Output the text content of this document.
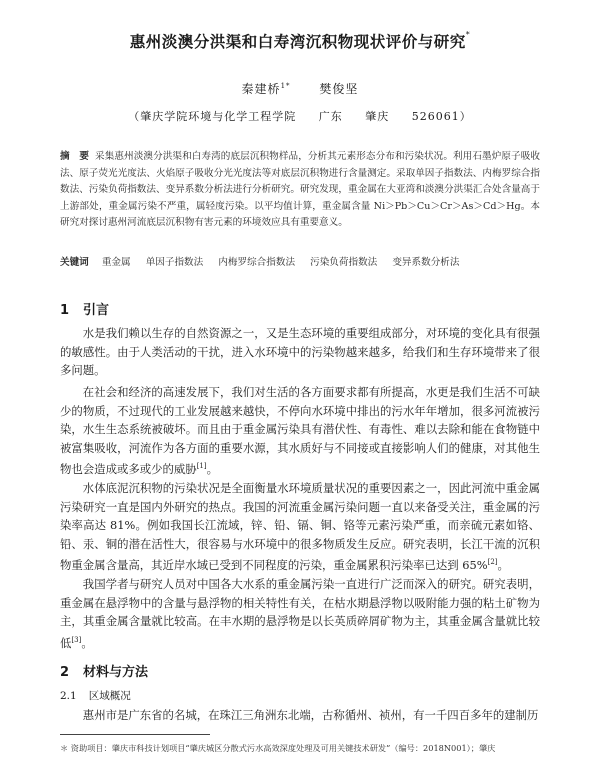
惠州淡澳分洪渠和白寿湾沉积物现状评价与研究*
秦建桥$^{1*}$ 樊俊坚
（肇庆学院环境与化学工程学院 广东 肇庆 526061）
摘　要 采集惠州淡澳分洪渠和白寿湾的底层沉积物样品，分析其元素形态分布和污染状况。利用石墨炉原子吸收法、原子荧光光度法、火焰原子吸收分光光度法等对底层沉积物进行含量测定。采取单因子指数法、内梅罗综合指数法、污染负荷指数法、变异系数分析法进行分析研究。研究发现，重金属在大亚湾和淡澳分洪渠汇合处含量高于上游部处，重金属污染不严重，属轻度污染。以平均值计算，重金属含量 Ni＞Pb＞Cu＞Cr＞As＞Cd＞Hg。本研究对探讨惠州河流底层沉积物有害元素的环境效应具有重要意义。
关键词 重金属 单因子指数法 内梅罗综合指数法 污染负荷指数法 变异系数分析法
1 引言
水是我们赖以生存的自然资源之一，又是生态环境的重要组成部分，对环境的变化具有很强的敏感性。由于人类活动的干扰，进入水环境中的污染物越来越多，给我们和生存环境带来了很多问题。
在社会和经济的高速发展下，我们对生活的各方面要求都有所提高，水更是我们生活不可缺少的物质，不过现代的工业发展越来越快，不停向水环境中排出的污水年年增加，很多河流被污染，水生生态系统被破坏。而且由于重金属污染具有潜伏性、有毒性、难以去除和能在食物链中被富集吸收，河流作为各方面的重要水源，其水质好与不同接或直接影响人们的健康，对其他生物也会造成或多或少的威胁[1]。
水体底泥沉积物的污染状况是全面衡量水环境质量状况的重要因素之一，因此河流中重金属污染研究一直是国内外研究的热点。我国的河流重金属污染问题一直以来备受关注，重金属的污染率高达 81%。例如我国长江流域，锌、铅、镉、铜、铬等元素污染严重，而亲硫元素如铬、铅、汞、铜的潜在活性大，很容易与水环境中的很多物质发生反应。研究表明，长江干流的沉积物重金属含量高，其近岸水域已受到不同程度的污染，重金属累积污染率已达到 65%[2]。
我国学者与研究人员对中国各大水系的重金属污染一直进行广泛而深入的研究。研究表明，重金属在悬浮物中的含量与悬浮物的相关特性有关，在枯水期悬浮物以吸附能力强的粘土矿物为主，其重金属含量就比较高。在丰水期的悬浮物是以长英质碎屑矿物为主，其重金属含量就比较低[3]。
2 材料与方法
2.1 区域概况
惠州市是广东省的名城，在珠江三角洲东北端，古称循州、祯州，有一千四百多年的建制历
＊ 资助项目：肇庆市科技计划项目“肇庆城区分散式污水高效深度处理及可用关键技术研发”（编号：2018N001）；肇庆
